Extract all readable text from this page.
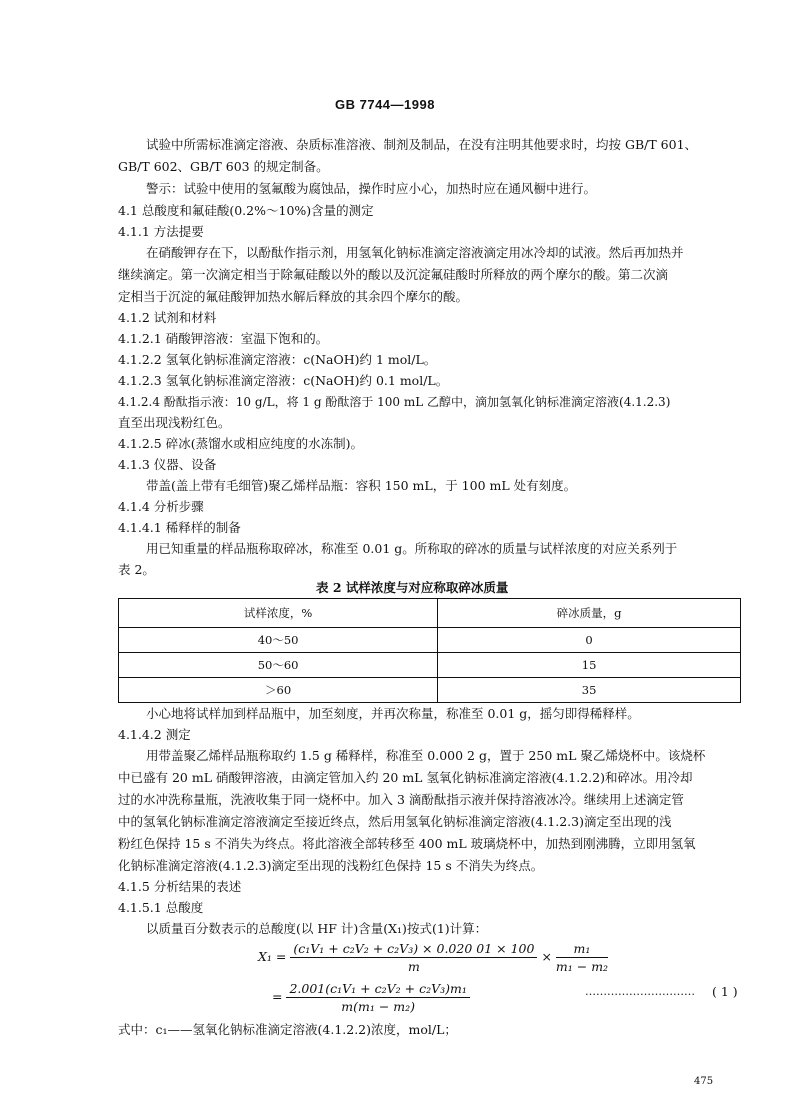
GB 7744—1998
试验中所需标准滴定溶液、杂质标准溶液、制剂及制品，在没有注明其他要求时，均按 GB/T 601、
GB/T 602、GB/T 603 的规定制备。
警示：试验中使用的氢氟酸为腐蚀品，操作时应小心，加热时应在通风橱中进行。
4.1 总酸度和氟硅酸(0.2%～10%)含量的测定
4.1.1 方法提要
在硝酸钾存在下，以酚酞作指示剂，用氢氧化钠标准滴定溶液滴定用冰冷却的试液。然后再加热并
继续滴定。第一次滴定相当于除氟硅酸以外的酸以及沉淀氟硅酸时所释放的两个摩尔的酸。第二次滴
定相当于沉淀的氟硅酸钾加热水解后释放的其余四个摩尔的酸。
4.1.2 试剂和材料
4.1.2.1 硝酸钾溶液：室温下饱和的。
4.1.2.2 氢氧化钠标准滴定溶液：c(NaOH)约 1 mol/L。
4.1.2.3 氢氧化钠标准滴定溶液：c(NaOH)约 0.1 mol/L。
4.1.2.4 酚酞指示液：10 g/L，将 1 g 酚酞溶于 100 mL 乙醇中，滴加氢氧化钠标准滴定溶液(4.1.2.3)
直至出现浅粉红色。
4.1.2.5 碎冰(蒸馏水或相应纯度的水冻制)。
4.1.3 仪器、设备
带盖(盖上带有毛细管)聚乙烯样品瓶：容积 150 mL，于 100 mL 处有刻度。
4.1.4 分析步骤
4.1.4.1 稀释样的制备
用已知重量的样品瓶称取碎冰，称准至 0.01 g。所称取的碎冰的质量与试样浓度的对应关系列于
表 2。
表 2 试样浓度与对应称取碎冰质量
试样浓度，%	碎冰质量，g
40～50	0
50～60	15
＞60	35
小心地将试样加到样品瓶中，加至刻度，并再次称量，称准至 0.01 g，摇匀即得稀释样。
4.1.4.2 测定
用带盖聚乙烯样品瓶称取约 1.5 g 稀释样，称准至 0.000 2 g，置于 250 mL 聚乙烯烧杯中。该烧杯
中已盛有 20 mL 硝酸钾溶液，由滴定管加入约 20 mL 氢氧化钠标准滴定溶液(4.1.2.2)和碎冰。用冷却
过的水冲洗称量瓶，洗液收集于同一烧杯中。加入 3 滴酚酞指示液并保持溶液冰冷。继续用上述滴定管
中的氢氧化钠标准滴定溶液滴定至接近终点，然后用氢氧化钠标准滴定溶液(4.1.2.3)滴定至出现的浅
粉红色保持 15 s 不消失为终点。将此溶液全部转移至 400 mL 玻璃烧杯中，加热到刚沸腾，立即用氢氧
化钠标准滴定溶液(4.1.2.3)滴定至出现的浅粉红色保持 15 s 不消失为终点。
4.1.5 分析结果的表述
4.1.5.1 总酸度
以质量百分数表示的总酸度(以 HF 计)含量(X₁)按式(1)计算：
$X_1 = \frac{\text{(c₁V₁ + c₂V₂ + c₂V₃) × 0.020 01 × 100}}{m} \times \frac{\text{m₁}}{\text{m₁ − m₂}}$
= $\frac{\text{2.001(c₁V₁ + c₂V₂ + c₂V₃)m₁}}{\text{m(m₁ − m₂)}}$	………………………… ( 1 )
式中：c₁——氢氧化钠标准滴定溶液(4.1.2.2)浓度，mol/L；
475
